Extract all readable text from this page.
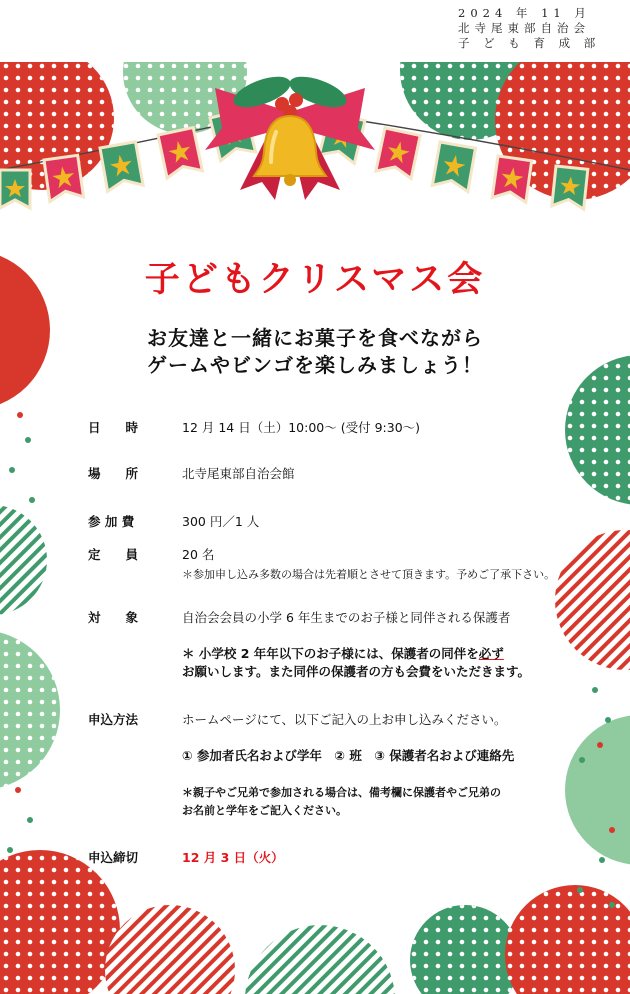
2024 年 11 月
北寺尾東部自治会
子 ど も 育 成 部
子どもクリスマス会
お友達と一緒にお菓子を食べながら
ゲームやビンゴを楽しみましょう！
日　　時	12 月 14 日（土）10:00～ (受付 9:30～)
場　　所	北寺尾東部自治会館
参 加 費	300 円／1 人
定　　員	20 名
＊参加申し込み多数の場合は先着順とさせて頂きます。予めご了承下さい。
対　　象	自治会会員の小学 6 年生までのお子様と同伴される保護者
＊ 小学校 2 年年以下のお子様には、保護者の同伴を必ず
お願いします。また同伴の保護者の方も会費をいただきます。
申込方法	ホームページにて、以下ご記入の上お申し込みください。
① 参加者氏名および学年　② 班　③ 保護者名および連絡先
＊親子やご兄弟で参加される場合は、備考欄に保護者やご兄弟の
お名前と学年をご記入ください。
申込締切	12 月 3 日（火）
